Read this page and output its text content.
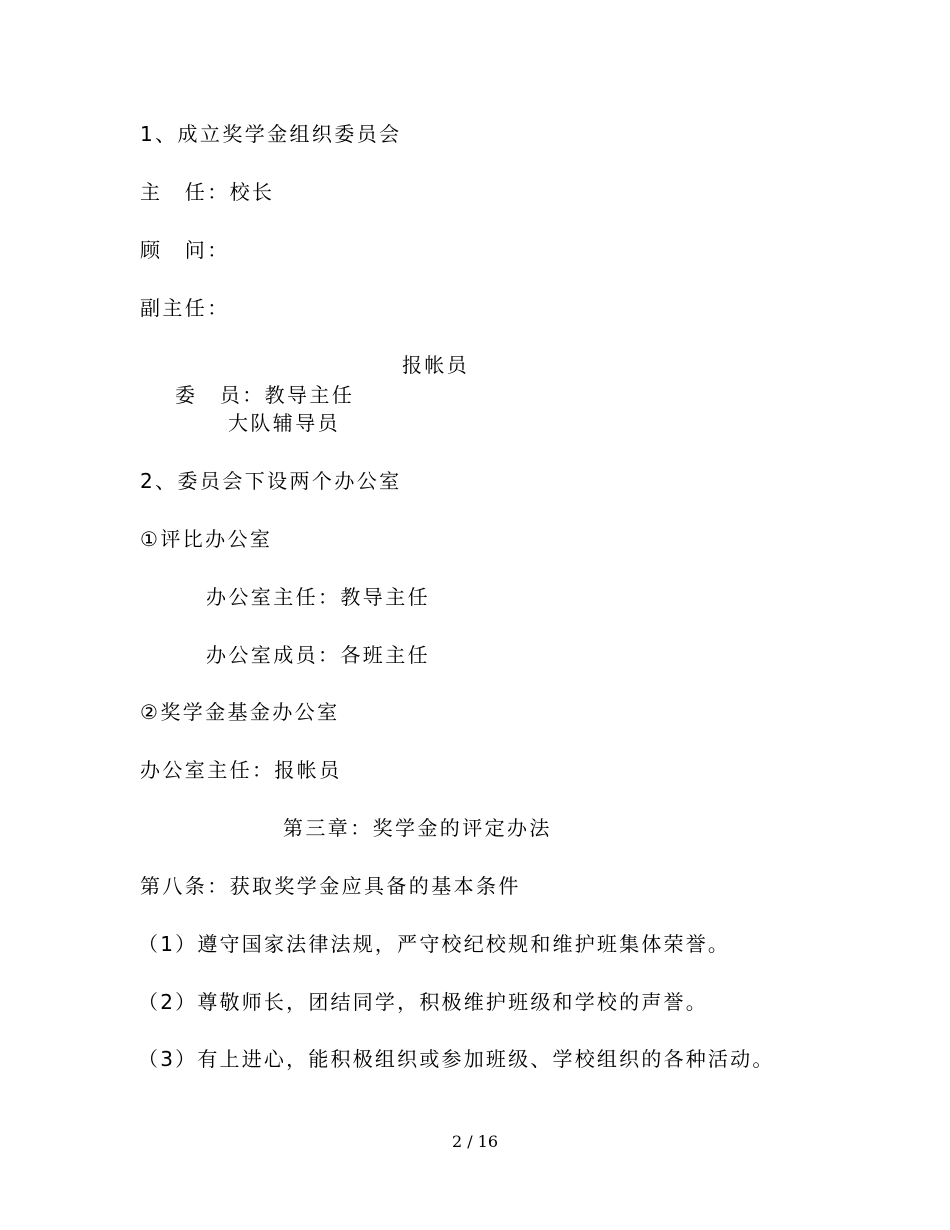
1、成立奖学金组织委员会
主　任：校长
顾　问：
副主任：

委　员：教导主任

报帐员

大队辅导员
2、委员会下设两个办公室
①评比办公室
办公室主任：教导主任
办公室成员：各班主任
②奖学金基金办公室
办公室主任：报帐员
第三章：奖学金的评定办法
第八条：获取奖学金应具备的基本条件
（1）遵守国家法律法规，严守校纪校规和维护班集体荣誉。
（2）尊敬师长，团结同学，积极维护班级和学校的声誉。
（3）有上进心，能积极组织或参加班级、学校组织的各种活动。
2 / 16
